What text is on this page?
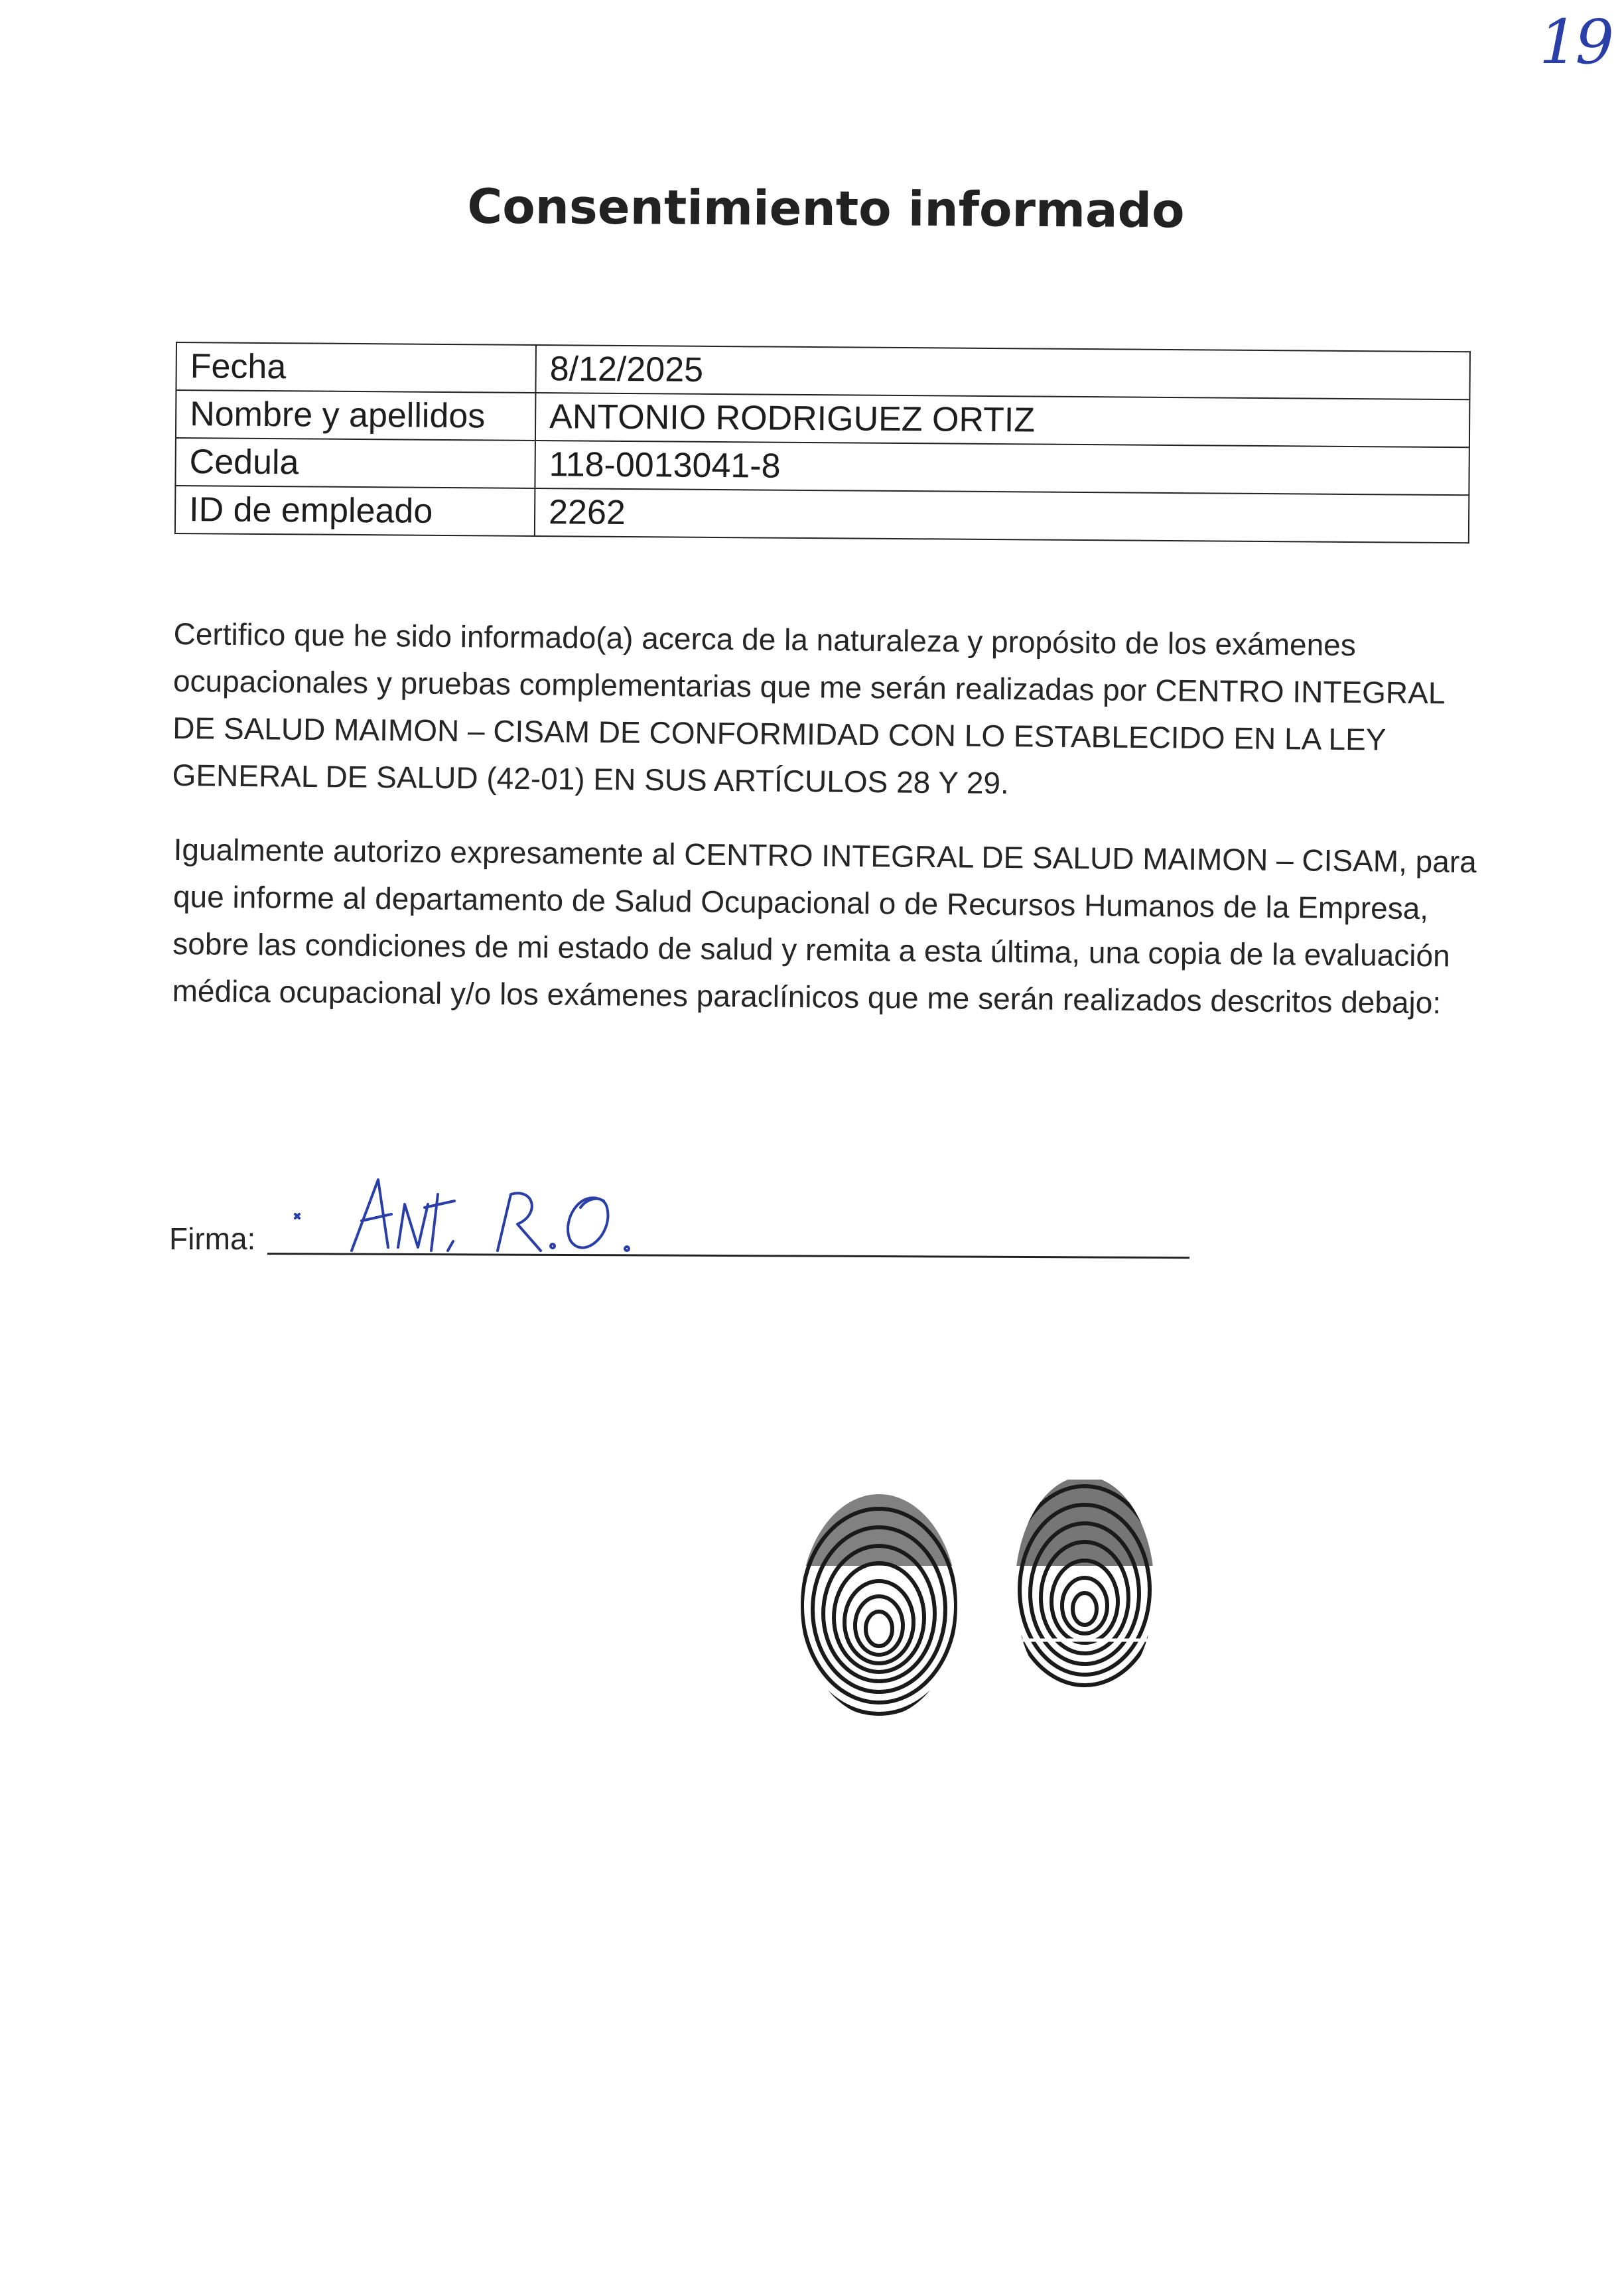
19
Consentimiento informado
Fecha	8/12/2025
Nombre y apellidos	ANTONIO RODRIGUEZ ORTIZ
Cedula	118-0013041-8
ID de empleado	2262

Certifico que he sido informado(a) acerca de la naturaleza y propósito de los exámenes ocupacionales y pruebas complementarias que me serán realizadas por CENTRO INTEGRAL DE SALUD MAIMON – CISAM DE CONFORMIDAD CON LO ESTABLECIDO EN LA LEY GENERAL DE SALUD (42-01) EN SUS ARTÍCULOS 28 Y 29.

Igualmente autorizo expresamente al CENTRO INTEGRAL DE SALUD MAIMON – CISAM, para que informe al departamento de Salud Ocupacional o de Recursos Humanos de la Empresa, sobre las condiciones de mi estado de salud y remita a esta última, una copia de la evaluación médica ocupacional y/o los exámenes paraclínicos que me serán realizados descritos debajo:

Firma:
